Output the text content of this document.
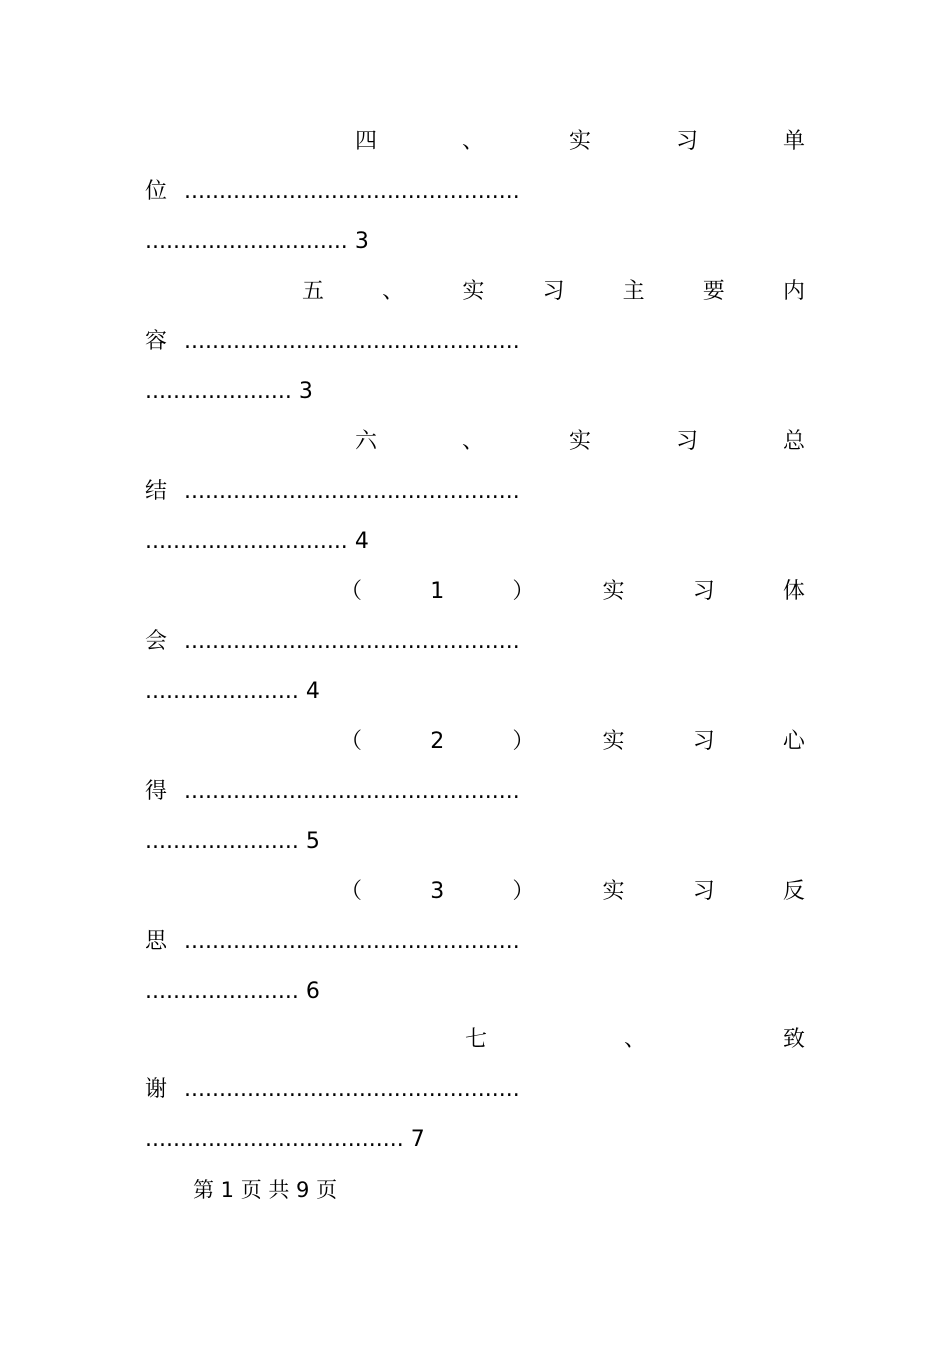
四	、	实	习	单
位 ................................................
............................. 3
五	、	实	习	主	要	内
容 ................................................
..................... 3
六	、	实	习	总
结 ................................................
............................. 4
（	1	）	实	习	体
会 ................................................
...................... 4
（	2	）	实	习	心
得 ................................................
...................... 5
（	3	）	实	习	反
思 ................................................
...................... 6
七	、	致
谢 ................................................
..................................... 7
第 1 页 共 9 页
